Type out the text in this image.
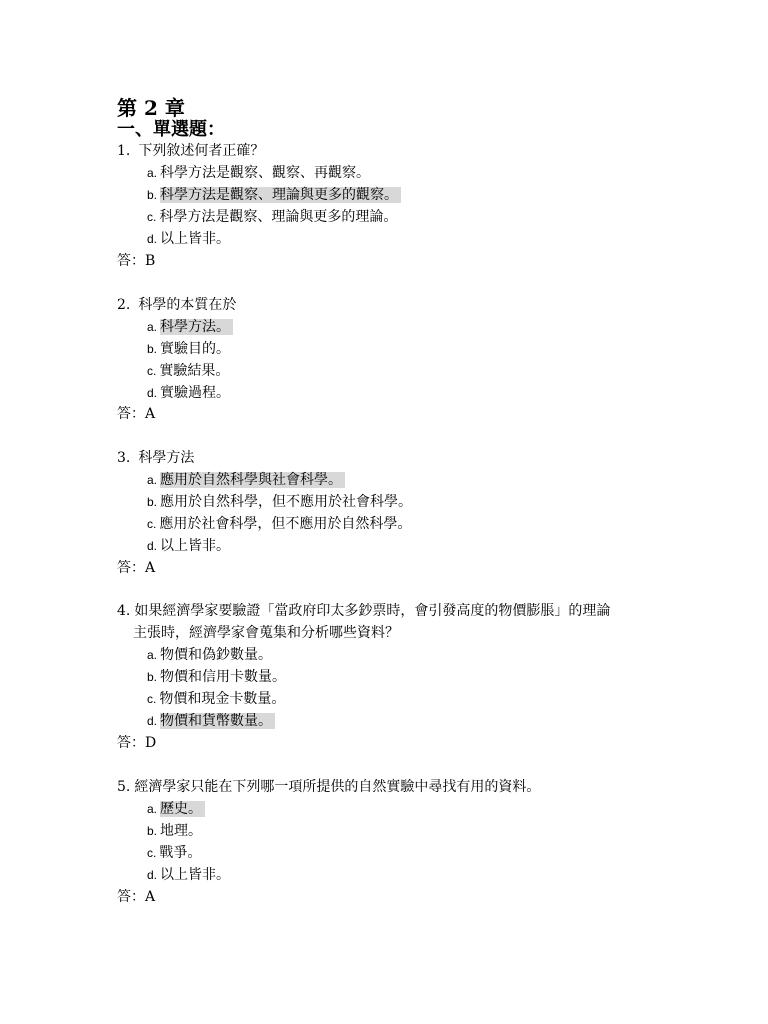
第 2 章
一、單選題：
1. 下列敘述何者正確？
a. 科學方法是觀察、觀察、再觀察。
b. 科學方法是觀察、理論與更多的觀察。
c. 科學方法是觀察、理論與更多的理論。
d. 以上皆非。
答：B
2. 科學的本質在於
a. 科學方法。
b. 實驗目的。
c. 實驗結果。
d. 實驗過程。
答：A
3. 科學方法
a. 應用於自然科學與社會科學。
b. 應用於自然科學，但不應用於社會科學。
c. 應用於社會科學，但不應用於自然科學。
d. 以上皆非。
答：A
4. 如果經濟學家要驗證「當政府印太多鈔票時，會引發高度的物價膨脹」的理論
主張時，經濟學家會蒐集和分析哪些資料？
a. 物價和偽鈔數量。
b. 物價和信用卡數量。
c. 物價和現金卡數量。
d. 物價和貨幣數量。
答：D
5. 經濟學家只能在下列哪一項所提供的自然實驗中尋找有用的資料。
a. 歷史。
b. 地理。
c. 戰爭。
d. 以上皆非。
答：A
